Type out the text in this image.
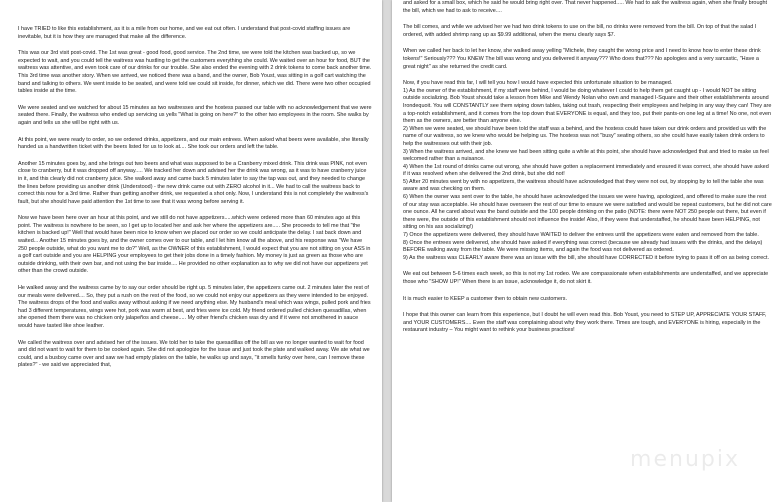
I have TRIED to like this establishment, as it is a mile from our home, and we eat out often. I understand that post-covid staffing issues are inevitable, but it is how they are managed that make all the difference.

This was our 3rd visit post-covid. The 1st was great - good food, good service. The 2nd time, we were told the kitchen was backed up, so we expected to wait, and you could tell the waitress was hustling to get the customers everything she could. We waited over an hour for food, BUT the waitress was attentive, and even took care of our drinks for our trouble. She also ended the evening with 2 drink tokens to come back another time. This 3rd time was another story. When we arrived, we noticed there was a band, and the owner, Bob Youst, was sitting in a golf cart watching the band and talking to others. We went inside to be seated, and were told we could sit inside, for dinner, which we did. There were two other occupied tables inside at the time.

We were seated and we watched for about 15 minutes as two waitresses and the hostess passed our table with no acknowledgement that we were seated there. Finally, the waitress who ended up servicing us yells "What is going on here?" to the other two employees in the room. She walks by again and tells us she will be right with us.

At this point, we were ready to order, so we ordered drinks, appetizers, and our main entrees. When asked what beers were available, she literally handed us a handwritten ticket with the beers listed for us to look at.... She took our orders and left the table.

Another 15 minutes goes by, and she brings out two beers and what was supposed to be a Cranberry mixed drink. This drink was PINK, not even close to cranberry, but it was dropped off anyway..... We tracked her down and advised her the drink was wrong, as it was to have cranberry juice in it, and this clearly did not cranberry juice. She walked away and came back 5 minutes later to say the tap was out, and they needed to change the lines before providing us another drink (Understood) - the new drink came out with ZERO alcohol in it... We had to call the waitress back to correct this now for a 3rd time. Rather than getting another drink, we requested a shot only. Now, I understand this is not completely the waitress's fault, but she should have paid attention the 1st time to see that it was wrong before serving it.

Now we have been here over an hour at this point, and we still do not have appetizers.....which were ordered more than 60 minutes ago at this point. The waitress is nowhere to be seen, so I get up to located her and ask her where the appetizers are..... She proceeds to tell me that "the kitchen is backed up!" Well that would have been nice to know when we placed our order so we could anticipate the delay. I sat back down and waited... Another 15 minutes goes by, and the owner comes over to our table, and I let him know all the above, and his response was "We have 250 people outside, what do you want me to do?" Well, as the OWNER of this establishment, I would expect that you are not sitting on your ASS in a golf cart outside and you are HELPING your employees to get their jobs done in a timely fashion. My money is just as green as those who are outside drinking, with their own bar, and not using the bar inside.... He provided no other explanation as to why we did not have our appetizers yet other than the crowd outside.

He walked away and the waitress came by to say our order should be right up. 5 minutes later, the appetizers came out. 2 minutes later the rest of our meals were delivered.... So, they put a rush on the rest of the food, so we could not enjoy our appetizers as they were intended to be enjoyed. The waitress drops of the food and walks away without asking if we need anything else. My husband's meal which was wings, pulled pork and fries had 3 different temperatures, wings were hot, pork was warm at best, and fries were ice cold. My friend ordered pulled chicken quesadillas, when she opened them there was no chicken only jalapeños and cheese..... My other friend's chicken was dry and if it were not smothered in sauce would have tasted like shoe leather.

We called the waitress over and advised her of the issues. We told her to take the quesadillas off the bill as we no longer wanted to wait for food and did not want to wait for them to be cooked again. She did not apologize for the issue and just took the plate and walked away. We ate what we could, and a busboy came over and saw we had empty plates on the table, he walks up and says, "it smells funky over here, can I remove these plates?" - we said we appreciated that,

and asked for a small box, which he said he would bring right over. That never happened..... We had to ask the waitress again, when she finally brought the bill, which we had to ask to receive....

The bill comes, and while we advised her we had two drink tokens to use on the bill, no drinks were removed from the bill. On top of that the salad I ordered, with added shrimp rang up as $9.99 additional, when the menu clearly says $7.

When we called her back to let her know, she walked away yelling "Michele, they caught the wrong price and I need to know how to enter these drink tokens!" Seriously??? You KNEW The bill was wrong and you delivered it anyway??? Who does that??? No apologies and a very sarcastic, "Have a great night" as she returned the credit card.

Now, if you have read this far, I will tell you how I would have expected this unfortunate situation to be managed.
1) As the owner of the establishment, if my staff were behind, I would be doing whatever I could to help them get caught up - I would NOT be sitting outside socializing. Bob Youst should take a lesson from Mike and Wendy Nolan who own and managed I-Square and their other establishments around Irondequoit. You will CONSTANTLY see them wiping down tables, taking out trash, respecting their employees and helping in any way they can! They are a top-notch establishment, and it comes from the top down that EVERYONE is equal, and they too, put their pants-on one leg at a time! No one, not even them as the owners, are better than anyone else.
2) When we were seated, we should have been told the staff was a behind, and the hostess could have taken our drink orders and provided us with the name of our waitress, so we knew who would be helping us. The hostess was not "busy" seating others, so she could have easily taken drink orders to help the waitresses out with their job.
3) When the waitress arrived, and she knew we had been sitting quite a while at this point, she should have acknowledged that and tried to make us feel welcomed rather than a nuisance.
4) When the 1st round of drinks came out wrong, she should have gotten a replacement immediately and ensured it was correct, she should have asked if it was resolved when she delivered the 2nd drink, but she did not!
5) After 20 minutes went by with no appetizers, the waitress should have acknowledged that they were not out, by stopping by to tell the table she was aware and was checking on them.
6) When the owner was sent over to the table, he should have acknowledged the issues we were having, apologized, and offered to make sure the rest of our stay was acceptable. He should have overseen the rest of our time to ensure we were satisfied and would be repeat customers, but he did not care one ounce. All he cared about was the band outside and the 100 people drinking on the patio (NOTE: there were NOT 250 people out there, but even if there were, the outside of this establishment should not influence the inside! Also, if they were that understaffed, he should have been HELPING, not sitting on his ass socializing!)
7) Once the appetizers were delivered, they should have WAITED to deliver the entrees until the appetizers were eaten and removed from the table.
8) Once the entrees were delivered, she should have asked if everything was correct (because we already had issues with the drinks, and the delays) BEFORE walking away from the table. We were missing items, and again the food was not delivered as ordered.
9) As the waitress was CLEARLY aware there was an issue with the bill, she should have CORRECTED it before trying to pass it off on as being correct.

We eat out between 5-6 times each week, so this is not my 1st rodeo. We are compassionate when establishments are understaffed, and we appreciate those who "SHOW UP!" When there is an issue, acknowledge it, do not skirt it.

It is much easier to KEEP a customer then to obtain new customers.

I hope that this owner can learn from this experience, but I doubt he will even read this. Bob Youst, you need to STEP UP, APPRECIATE YOUR STAFF, and YOUR CUSTOMERS.... Even the staff was complaining about why they work there. Times are tough, and EVERYONE is hiring, especially in the restaurant industry – You might want to rethink your business practices!

menupix
